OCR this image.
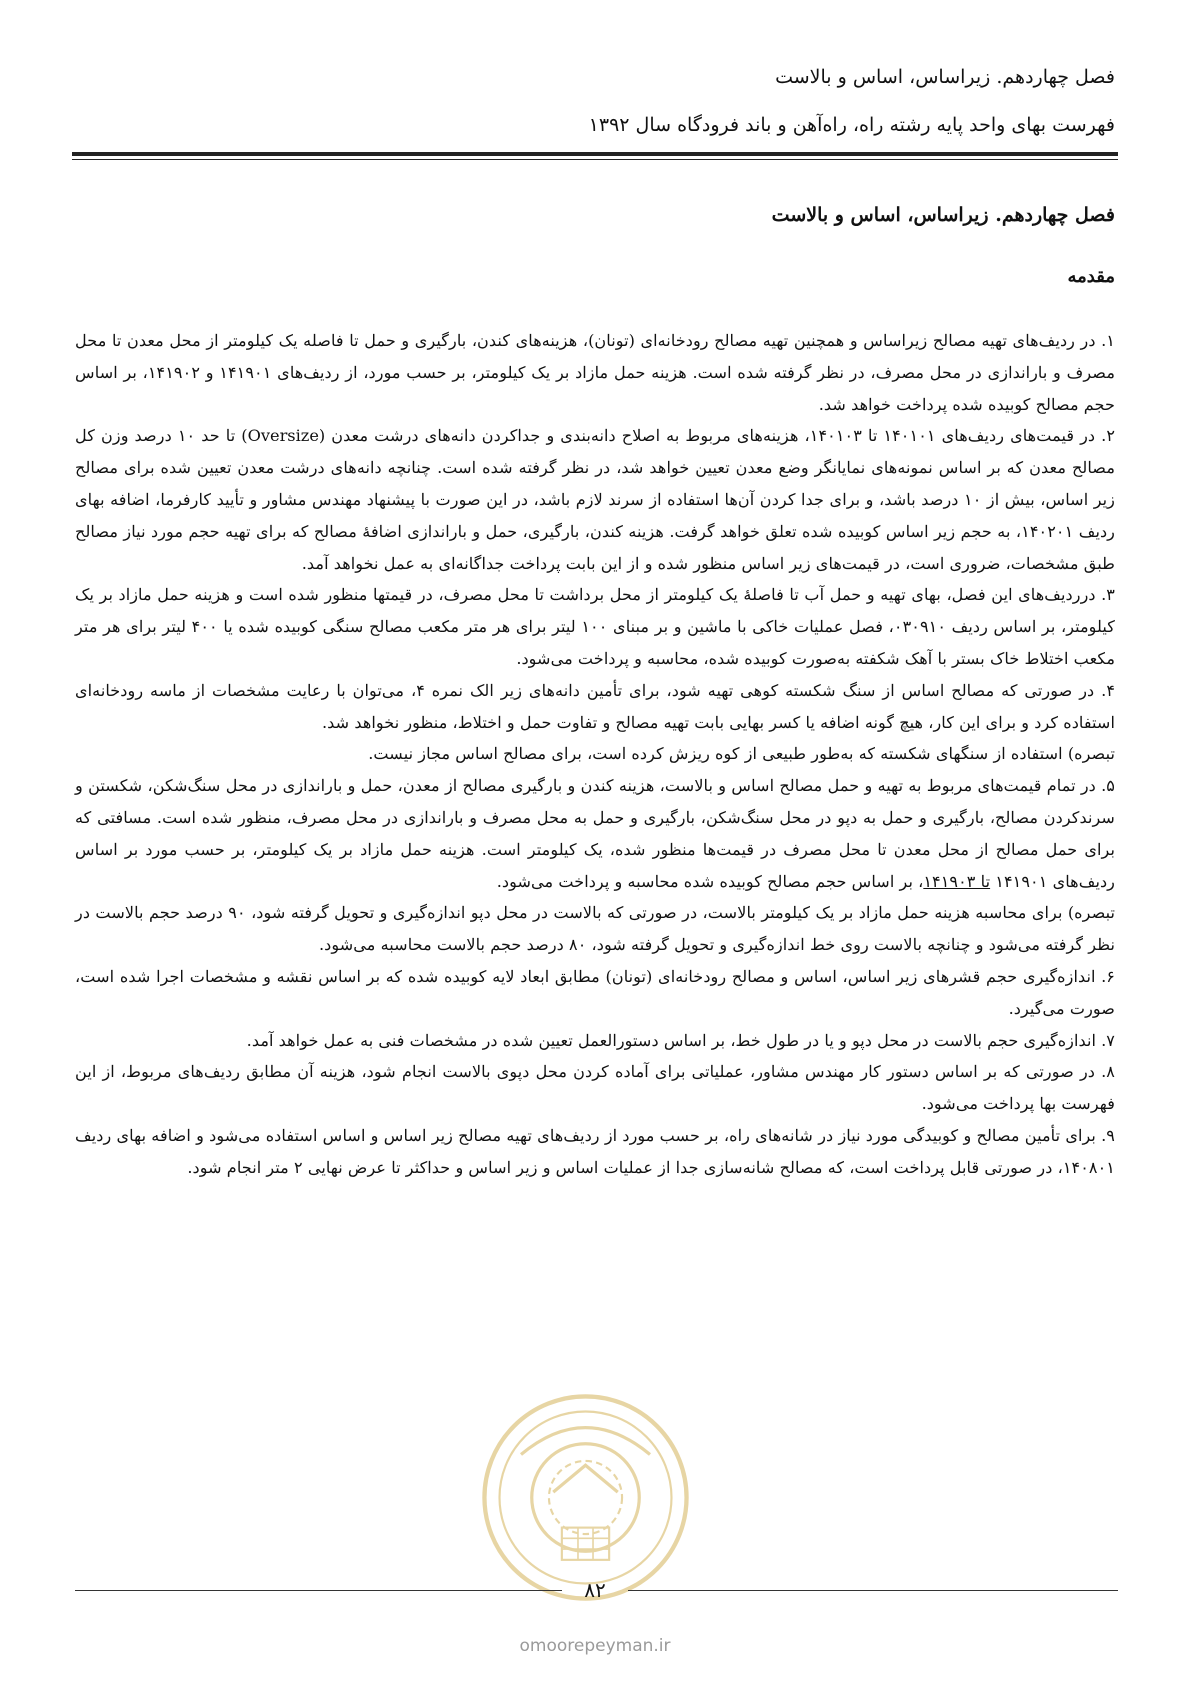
فصل چهاردهم. زیراساس، اساس و بالاست
فهرست بهای واحد پایه رشته راه، راه‌آهن و باند فرودگاه سال ۱۳۹۲
فصل چهاردهم. زیراساس، اساس و بالاست
مقدمه

۱. در ردیف‌های تهیه مصالح زیراساس و همچنین تهیه مصالح رودخانه‌ای (تونان)، هزینه‌های کندن، بارگیری و حمل تا فاصله یک کیلومتر از محل معدن تا محل مصرف و باراندازی در محل مصرف، در نظر گرفته شده است. هزینه حمل مازاد بر یک کیلومتر، بر حسب مورد، از ردیف‌های ۱۴۱۹۰۱ و ۱۴۱۹۰۲، بر اساس حجم مصالح کوبیده شده پرداخت خواهد شد.

۲. در قیمت‌های ردیف‌های ۱۴۰۱۰۱ تا ۱۴۰۱۰۳، هزینه‌های مربوط به اصلاح دانه‌بندی و جداکردن دانه‌های درشت معدن (Oversize) تا حد ۱۰ درصد وزن کل مصالح معدن که بر اساس نمونه‌های نمایانگر وضع معدن تعیین خواهد شد، در نظر گرفته شده است. چنانچه دانه‌های درشت معدن تعیین شده برای مصالح زیر اساس، بیش از ۱۰ درصد باشد، و برای جدا کردن آن‌ها استفاده از سرند لازم باشد، در این صورت با پیشنهاد مهندس مشاور و تأیید کارفرما، اضافه بهای ردیف ۱۴۰۲۰۱، به حجم زیر اساس کوبیده شده تعلق خواهد گرفت. هزینه کندن، بارگیری، حمل و باراندازی اضافهٔ مصالح که برای تهیه حجم مورد نیاز مصالح طبق مشخصات، ضروری است، در قیمت‌های زیر اساس منظور شده و از این بابت پرداخت جداگانه‌ای به عمل نخواهد آمد.

۳. درردیف‌های این فصل، بهای تهیه و حمل آب تا فاصلهٔ یک کیلومتر از محل برداشت تا محل مصرف، در قیمتها منظور شده است و هزینه حمل مازاد بر یک کیلومتر، بر اساس ردیف ۰۳۰۹۱۰، فصل عملیات خاکی با ماشین و بر مبنای ۱۰۰ لیتر برای هر متر مکعب مصالح سنگی کوبیده شده یا ۴۰۰ لیتر برای هر متر مکعب اختلاط خاک بستر با آهک شکفته به‌صورت کوبیده شده، محاسبه و پرداخت می‌شود.

۴. در صورتی که مصالح اساس از سنگ شکسته کوهی تهیه شود، برای تأمین دانه‌های زیر الک نمره ۴، می‌توان با رعایت مشخصات از ماسه رودخانه‌ای استفاده کرد و برای این کار، هیچ گونه اضافه یا کسر بهایی بابت تهیه مصالح و تفاوت حمل و اختلاط، منظور نخواهد شد.

تبصره) استفاده از سنگهای شکسته که به‌طور طبیعی از کوه ریزش کرده است، برای مصالح اساس مجاز نیست.

۵. در تمام قیمت‌های مربوط به تهیه و حمل مصالح اساس و بالاست، هزینه کندن و بارگیری مصالح از معدن، حمل و باراندازی در محل سنگ‌شکن، شکستن و سرندکردن مصالح، بارگیری و حمل به دپو در محل سنگ‌شکن، بارگیری و حمل به محل مصرف و باراندازی در محل مصرف، منظور شده است. مسافتی که برای حمل مصالح از محل معدن تا محل مصرف در قیمت‌ها منظور شده، یک کیلومتر است. هزینه حمل مازاد بر یک کیلومتر، بر حسب مورد بر اساس ردیف‌های ۱۴۱۹۰۱ تا ۱۴۱۹۰۳، بر اساس حجم مصالح کوبیده شده محاسبه و پرداخت می‌شود.

تبصره) برای محاسبه هزینه حمل مازاد بر یک کیلومتر بالاست، در صورتی که بالاست در محل دپو اندازه‌گیری و تحویل گرفته شود، ۹۰ درصد حجم بالاست در نظر گرفته می‌شود و چنانچه بالاست روی خط اندازه‌گیری و تحویل گرفته شود، ۸۰ درصد حجم بالاست محاسبه می‌شود.

۶. اندازه‌گیری حجم قشرهای زیر اساس، اساس و مصالح رودخانه‌ای (تونان) مطابق ابعاد لایه کوبیده شده که بر اساس نقشه و مشخصات اجرا شده است، صورت می‌گیرد.

۷. اندازه‌گیری حجم بالاست در محل دپو و یا در طول خط، بر اساس دستورالعمل تعیین شده در مشخصات فنی به عمل خواهد آمد.

۸. در صورتی که بر اساس دستور کار مهندس مشاور، عملیاتی برای آماده کردن محل دپوی بالاست انجام شود، هزینه آن مطابق ردیف‌های مربوط، از این فهرست بها پرداخت می‌شود.

۹. برای تأمین مصالح و کوبیدگی مورد نیاز در شانه‌های راه، بر حسب مورد از ردیف‌های تهیه مصالح زیر اساس و اساس استفاده می‌شود و اضافه بهای ردیف ۱۴۰۸۰۱، در صورتی قابل پرداخت است، که مصالح شانه‌سازی جدا از عملیات اساس و زیر اساس و حداکثر تا عرض نهایی ۲ متر انجام شود.

۸۲
omoorepeyman.ir
